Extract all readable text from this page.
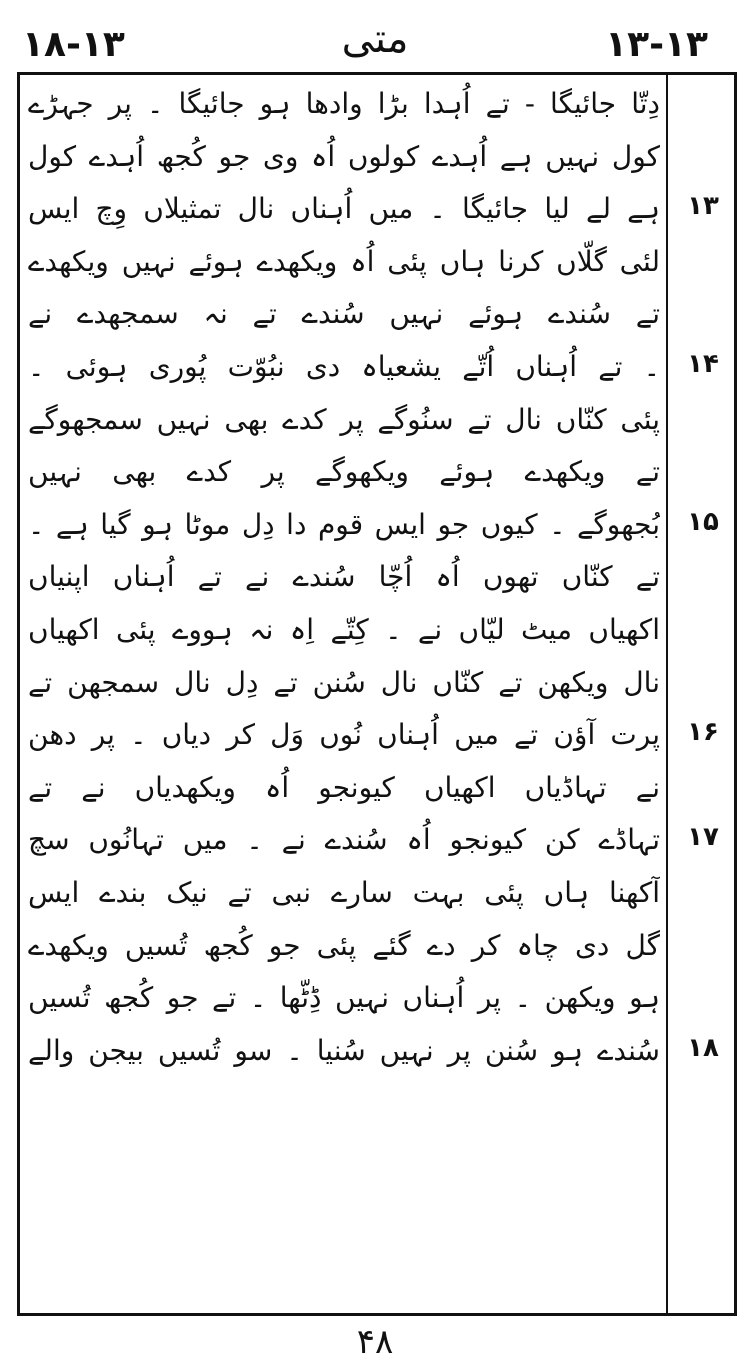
۱۸-۱۳	متی	۱۳-۱۳
دِتّا جائیگا - تے اُہدا بڑا وادھا ہو جائیگا ۔ پر جہڑے
کول نہیں ہے اُہدے کولوں اُہ وی جو کُجھ اُہدے کول
ہے لے لیا جائیگا ۔ میں اُہناں نال تمثیلاں وِچ ایس
لئی گلّاں کرنا ہاں پئی اُہ ویکھدے ہوئے نہیں ویکھدے
تے سُندے ہوئے نہیں سُندے تے نہ سمجھدے نے
۔ تے اُہناں اُتّے یشعیاہ دی نبُوّت پُوری ہوئی ۔
پئی کنّاں نال تے سنُوگے پر کدے بھی نہیں سمجھوگے
تے ویکھدے ہوئے ویکھوگے پر کدے بھی نہیں
بُجھوگے ۔ کیوں جو ایس قوم دا دِل موٹا ہو گیا ہے ۔
تے کنّاں تھوں اُہ اُچّا سُندے نے تے اُہناں اپنیاں
اکھیاں میٹ لیّاں نے ۔ کِتّے اِہ نہ ہووے پئی اکھیاں
نال ویکھن تے کنّاں نال سُنن تے دِل نال سمجھن تے
پرت آؤن تے میں اُہناں نُوں وَل کر دیاں ۔ پر دھن
نے تہاڈیاں اکھیاں کیونجو اُہ ویکھدیاں نے تے
تہاڈے کن کیونجو اُہ سُندے نے ۔ میں تہانُوں سچ
آکھنا ہاں پئی بہت سارے نبی تے نیک بندے ایس
گل دی چاہ کر دے گئے پئی جو کُجھ تُسیں ویکھدے
ہو ویکھن ۔ پر اُہناں نہیں ڈِٹّھا ۔ تے جو کُجھ تُسیں
سُندے ہو سُنن پر نہیں سُنیا ۔ سو تُسیں بیجن والے
۱۳
۱۴
۱۵
۱۶
۱۷
۱۸
۴۸
